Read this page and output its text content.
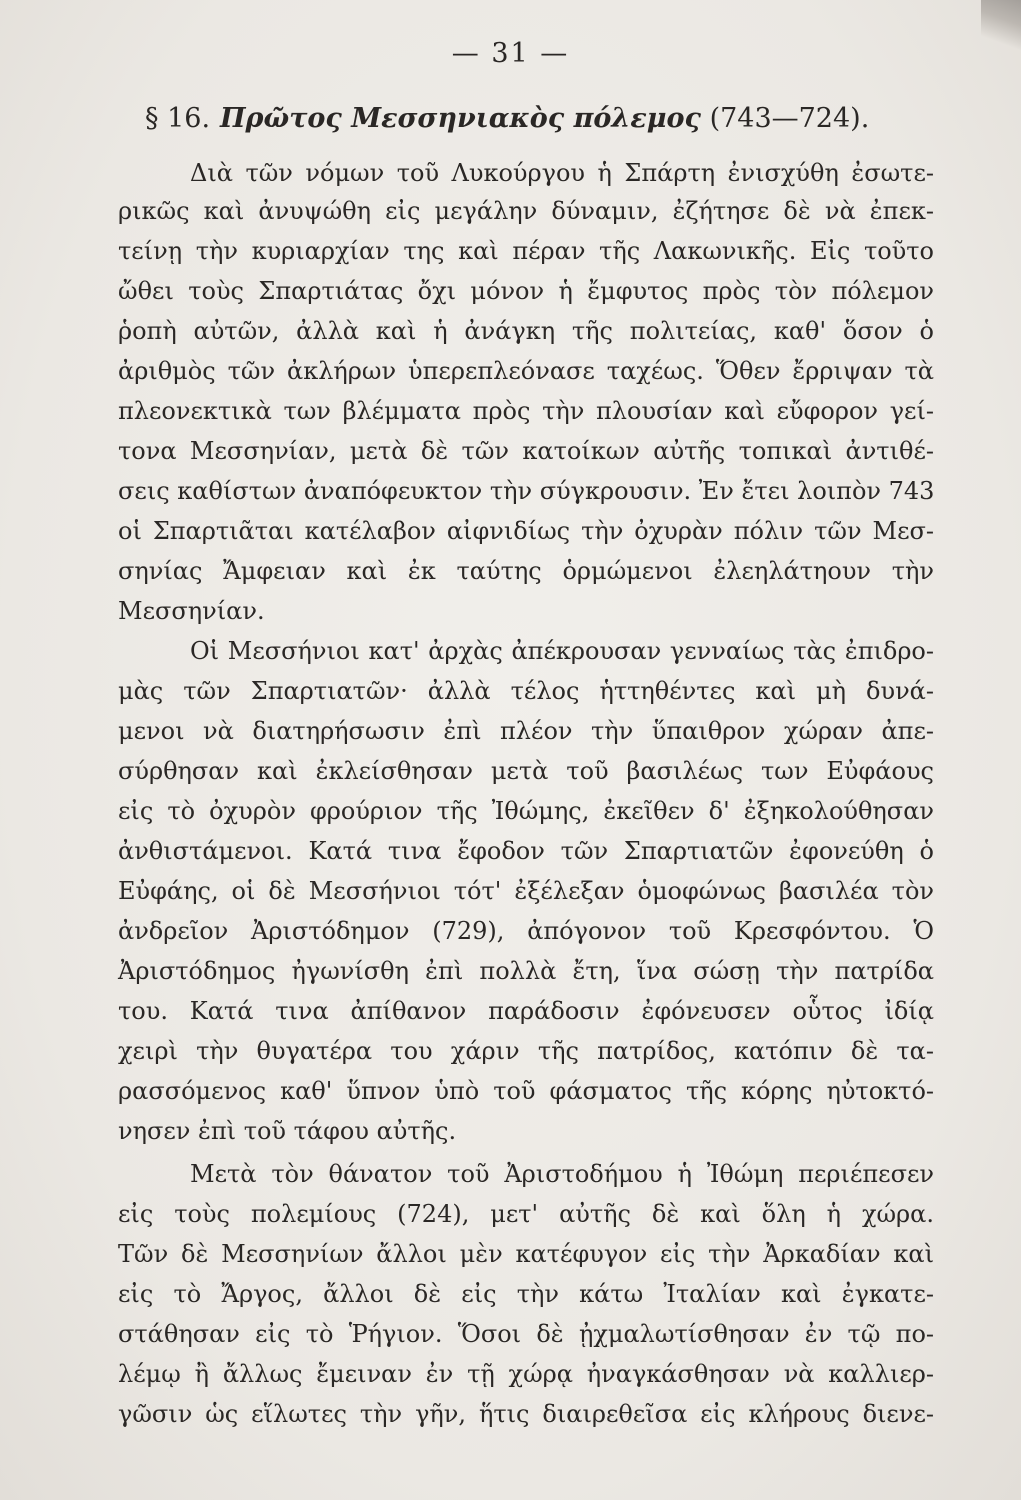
— 31 —
§ 16. Πρῶτος Μεσσηνιακὸς πόλεμος (743—724).
Διὰ τῶν νόμων τοῦ Λυκούργου ἡ Σπάρτη ἐνισχύθη ἐσωτε-
ρικῶς καὶ ἀνυψώθη εἰς μεγάλην δύναμιν, ἐζήτησε δὲ νὰ ἐπεκ-
τείνῃ τὴν κυριαρχίαν της καὶ πέραν τῆς Λακωνικῆς. Εἰς τοῦτο
ὤθει τοὺς Σπαρτιάτας ὄχι μόνον ἡ ἔμφυτος πρὸς τὸν πόλεμον
ῥοπὴ αὐτῶν, ἀλλὰ καὶ ἡ ἀνάγκη τῆς πολιτείας, καθ' ὅσον ὁ
ἀριθμὸς τῶν ἀκλήρων ὑπερεπλεόνασε ταχέως. Ὅθεν ἔρριψαν τὰ
πλεονεκτικὰ των βλέμματα πρὸς τὴν πλουσίαν καὶ εὔφορον γεί-
τονα Μεσσηνίαν, μετὰ δὲ τῶν κατοίκων αὐτῆς τοπικαὶ ἀντιθέ-
σεις καθίστων ἀναπόφευκτον τὴν σύγκρουσιν. Ἐν ἔτει λοιπὸν 743
οἱ Σπαρτιᾶται κατέλαβον αἰφνιδίως τὴν ὀχυρὰν πόλιν τῶν Μεσ-
σηνίας Ἄμφειαν καὶ ἐκ ταύτης ὁρμώμενοι ἐλεηλάτηουν τὴν
Μεσσηνίαν.
Οἱ Μεσσήνιοι κατ' ἀρχὰς ἀπέκρουσαν γενναίως τὰς ἐπιδρο-
μὰς τῶν Σπαρτιατῶν· ἀλλὰ τέλος ἡττηθέντες καὶ μὴ δυνά-
μενοι νὰ διατηρήσωσιν ἐπὶ πλέον τὴν ὕπαιθρον χώραν ἀπε-
σύρθησαν καὶ ἐκλείσθησαν μετὰ τοῦ βασιλέως των Εὐφάους
εἰς τὸ ὀχυρὸν φρούριον τῆς Ἰθώμης, ἐκεῖθεν δ' ἐξηκολούθησαν
ἀνθιστάμενοι. Κατά τινα ἔφοδον τῶν Σπαρτιατῶν ἐφονεύθη ὁ
Εὐφάης, οἱ δὲ Μεσσήνιοι τότ' ἐξέλεξαν ὁμοφώνως βασιλέα τὸν
ἀνδρεῖον Ἀριστόδημον (729), ἀπόγονον τοῦ Κρεσφόντου. Ὁ
Ἀριστόδημος ἠγωνίσθη ἐπὶ πολλὰ ἔτη, ἵνα σώσῃ τὴν πατρίδα
του. Κατά τινα ἀπίθανον παράδοσιν ἐφόνευσεν οὗτος ἰδίᾳ
χειρὶ τὴν θυγατέρα του χάριν τῆς πατρίδος, κατόπιν δὲ τα-
ρασσόμενος καθ' ὕπνον ὑπὸ τοῦ φάσματος τῆς κόρης ηὐτοκτό-
νησεν ἐπὶ τοῦ τάφου αὐτῆς.
Μετὰ τὸν θάνατον τοῦ Ἀριστοδήμου ἡ Ἰθώμη περιέπεσεν
εἰς τοὺς πολεμίους (724), μετ' αὐτῆς δὲ καὶ ὅλη ἡ χώρα.
Τῶν δὲ Μεσσηνίων ἄλλοι μὲν κατέφυγον εἰς τὴν Ἀρκαδίαν καὶ
εἰς τὸ Ἄργος, ἄλλοι δὲ εἰς τὴν κάτω Ἰταλίαν καὶ ἐγκατε-
στάθησαν εἰς τὸ Ῥήγιον. Ὅσοι δὲ ᾐχμαλωτίσθησαν ἐν τῷ πο-
λέμῳ ἢ ἄλλως ἔμειναν ἐν τῇ χώρᾳ ἠναγκάσθησαν νὰ καλλιερ-
γῶσιν ὡς εἵλωτες τὴν γῆν, ἥτις διαιρεθεῖσα εἰς κλήρους διενε-
